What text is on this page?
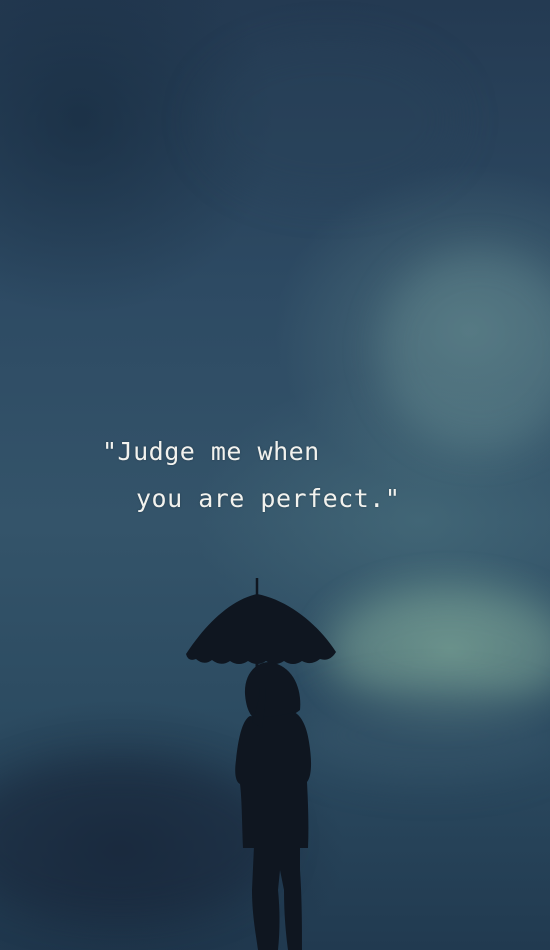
"Judge me when
you are perfect."
